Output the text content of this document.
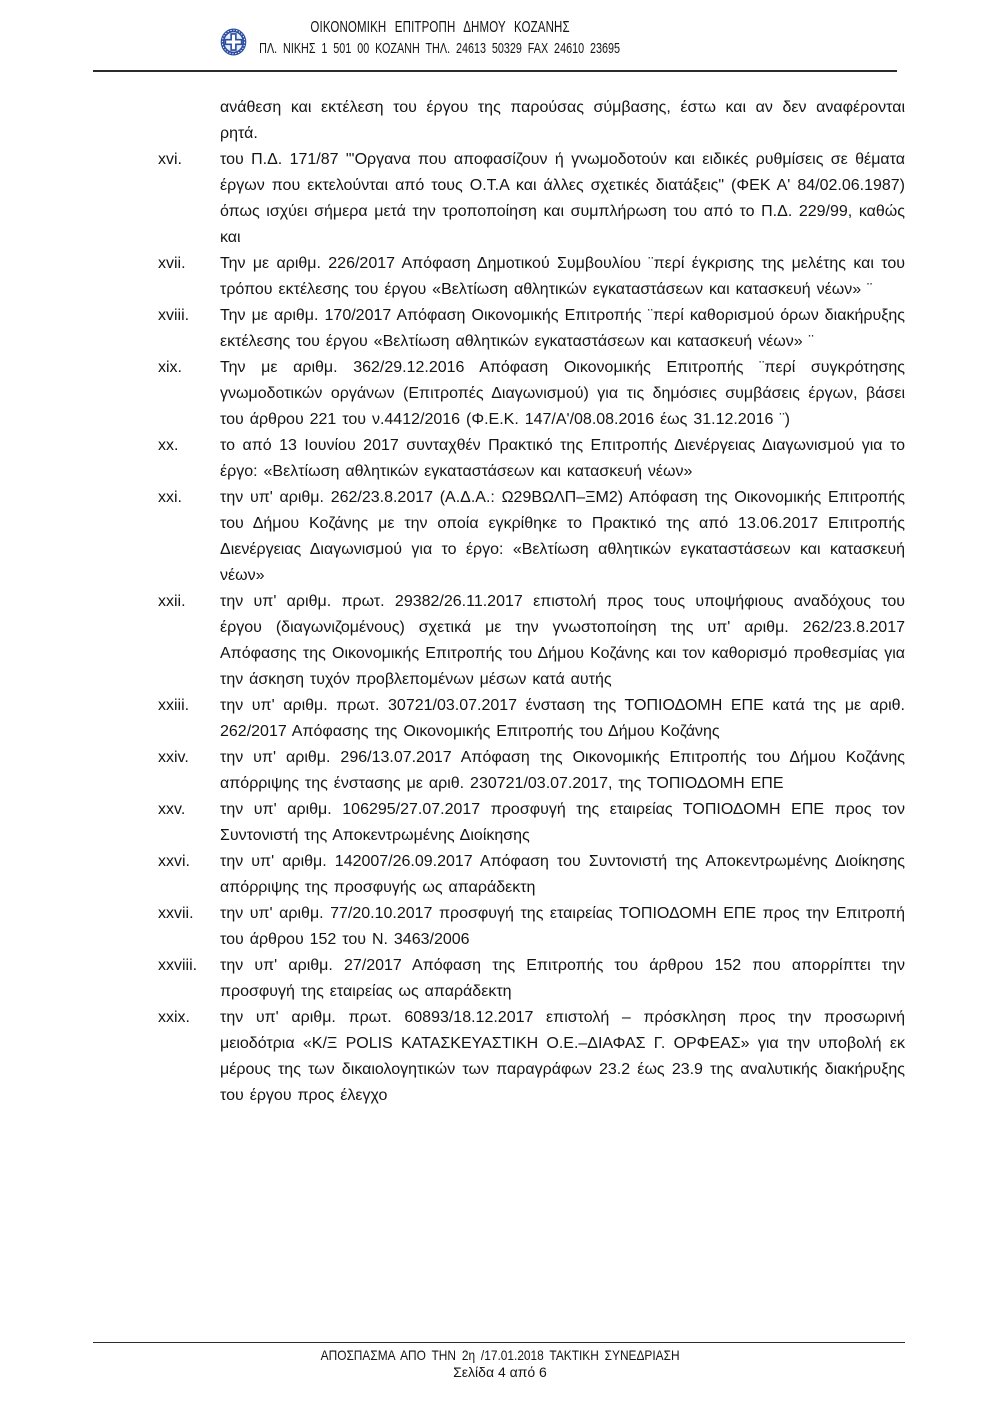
ΟΙΚΟΝΟΜΙΚΗ ΕΠΙΤΡΟΠΗ ΔΗΜΟΥ ΚΟΖΑΝΗΣ
ΠΛ. ΝΙΚΗΣ 1 501 00 ΚΟΖΑΝΗ ΤΗΛ. 24613 50329 FAX 24610 23695

ανάθεση και εκτέλεση του έργου της παρούσας σύμβασης, έστω και αν δεν αναφέρονται ρητά.

xvi.	του Π.Δ. 171/87 "'Οργανα που αποφασίζουν ή γνωμοδοτούν και ειδικές ρυθμίσεις σε θέματα έργων που εκτελούνται από τους Ο.Τ.Α και άλλες σχετικές διατάξεις" (ΦΕΚ Α' 84/02.06.1987) όπως ισχύει σήμερα μετά την τροποποίηση και συμπλήρωση του από το Π.Δ. 229/99, καθώς και
xvii.	Την με αριθμ. 226/2017 Απόφαση Δημοτικού Συμβουλίου ¨περί έγκρισης της μελέτης και του τρόπου εκτέλεσης του έργου «Βελτίωση αθλητικών εγκαταστάσεων και κατασκευή νέων» ¨
xviii.	Την με αριθμ. 170/2017 Απόφαση Οικονομικής Επιτροπής ¨περί καθορισμού όρων διακήρυξης εκτέλεσης του έργου «Βελτίωση αθλητικών εγκαταστάσεων και κατασκευή νέων» ¨
xix.	Την με αριθμ. 362/29.12.2016 Απόφαση Οικονομικής Επιτροπής ¨περί συγκρότησης γνωμοδοτικών οργάνων (Επιτροπές Διαγωνισμού) για τις δημόσιες συμβάσεις έργων, βάσει του άρθρου 221 του ν.4412/2016 (Φ.Ε.Κ. 147/Α'/08.08.2016 έως 31.12.2016 ¨)
xx.	το από 13 Ιουνίου 2017 συνταχθέν Πρακτικό της Επιτροπής Διενέργειας Διαγωνισμού για το έργο: «Βελτίωση αθλητικών εγκαταστάσεων και κατασκευή νέων»
xxi.	την υπ' αριθμ. 262/23.8.2017 (Α.Δ.Α.: Ω29ΒΩΛΠ–ΞΜ2) Απόφαση της Οικονομικής Επιτροπής του Δήμου Κοζάνης με την οποία εγκρίθηκε το Πρακτικό της από 13.06.2017 Επιτροπής Διενέργειας Διαγωνισμού για το έργο: «Βελτίωση αθλητικών εγκαταστάσεων και κατασκευή νέων»
xxii.	την υπ' αριθμ. πρωτ. 29382/26.11.2017 επιστολή προς τους υποψήφιους αναδόχους του έργου (διαγωνιζομένους) σχετικά με την γνωστοποίηση της υπ' αριθμ. 262/23.8.2017 Απόφασης της Οικονομικής Επιτροπής του Δήμου Κοζάνης και τον καθορισμό προθεσμίας για την άσκηση τυχόν προβλεπομένων μέσων κατά αυτής
xxiii.	την υπ' αριθμ. πρωτ. 30721/03.07.2017 ένσταση της ΤΟΠΙΟΔΟΜΗ ΕΠΕ κατά της με αριθ. 262/2017 Απόφασης της Οικονομικής Επιτροπής του Δήμου Κοζάνης
xxiv.	την υπ' αριθμ. 296/13.07.2017 Απόφαση της Οικονομικής Επιτροπής του Δήμου Κοζάνης απόρριψης της ένστασης με αριθ. 230721/03.07.2017, της ΤΟΠΙΟΔΟΜΗ ΕΠΕ
xxv.	την υπ' αριθμ. 106295/27.07.2017 προσφυγή της εταιρείας ΤΟΠΙΟΔΟΜΗ ΕΠΕ προς τον Συντονιστή της Αποκεντρωμένης Διοίκησης
xxvi.	την υπ' αριθμ. 142007/26.09.2017 Απόφαση του Συντονιστή της Αποκεντρωμένης Διοίκησης απόρριψης της προσφυγής ως απαράδεκτη
xxvii.	την υπ' αριθμ. 77/20.10.2017 προσφυγή της εταιρείας ΤΟΠΙΟΔΟΜΗ ΕΠΕ προς την Επιτροπή του άρθρου 152 του Ν. 3463/2006
xxviii.	την υπ' αριθμ. 27/2017 Απόφαση της Επιτροπής του άρθρου 152 που απορρίπτει την προσφυγή της εταιρείας ως απαράδεκτη
xxix.	την υπ' αριθμ. πρωτ. 60893/18.12.2017 επιστολή – πρόσκληση προς την προσωρινή μειοδότρια «Κ/Ξ POLIS ΚΑΤΑΣΚΕΥΑΣΤΙΚΗ Ο.Ε.–ΔΙΑΦΑΣ Γ. ΟΡΦΕΑΣ» για την υποβολή εκ μέρους της των δικαιολογητικών των παραγράφων 23.2 έως 23.9 της αναλυτικής διακήρυξης του έργου προς έλεγχο
ΑΠΟΣΠΑΣΜΑ ΑΠΟ ΤΗΝ 2η /17.01.2018 ΤΑΚΤΙΚΗ ΣΥΝΕΔΡΙΑΣΗ
Σελίδα 4 από 6
